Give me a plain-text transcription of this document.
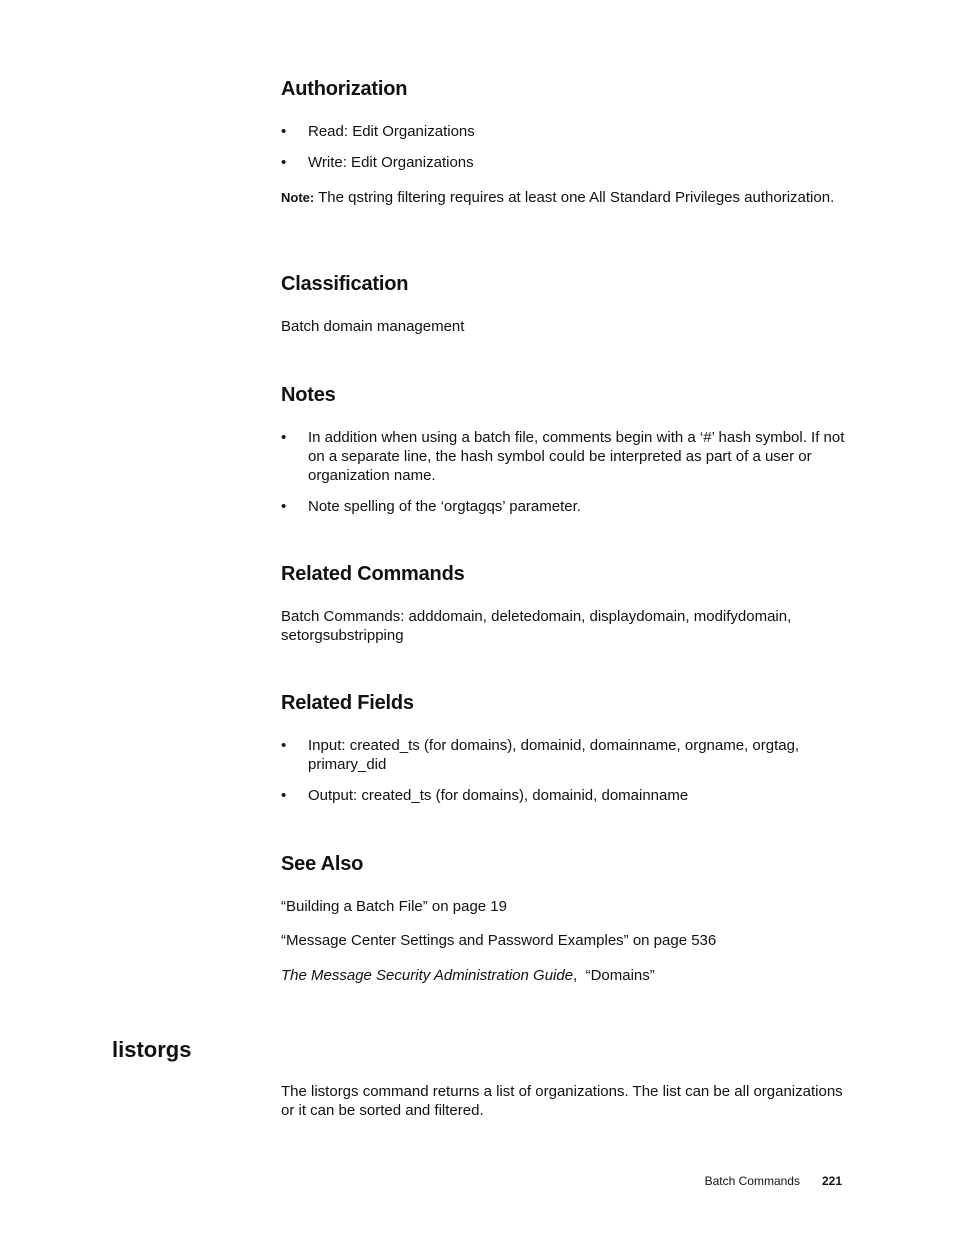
Authorization
• Read: Edit Organizations
• Write: Edit Organizations

Note: The qstring filtering requires at least one All Standard Privileges authorization.

Classification

Batch domain management

Notes
• In addition when using a batch file, comments begin with a ‘#’ hash symbol. If not on a separate line, the hash symbol could be interpreted as part of a user or organization name.
• Note spelling of the ‘orgtagqs’ parameter.
Related Commands

Batch Commands: adddomain, deletedomain, displaydomain, modifydomain, setorgsubstripping

Related Fields
• Input: created_ts (for domains), domainid, domainname, orgname, orgtag, primary_did
• Output: created_ts (for domains), domainid, domainname
See Also

“Building a Batch File” on page 19

“Message Center Settings and Password Examples” on page 536

The Message Security Administration Guide,  “Domains”

The listorgs command returns a list of organizations. The list can be all organizations or it can be sorted and filtered.

listorgs
Batch Commands 221
